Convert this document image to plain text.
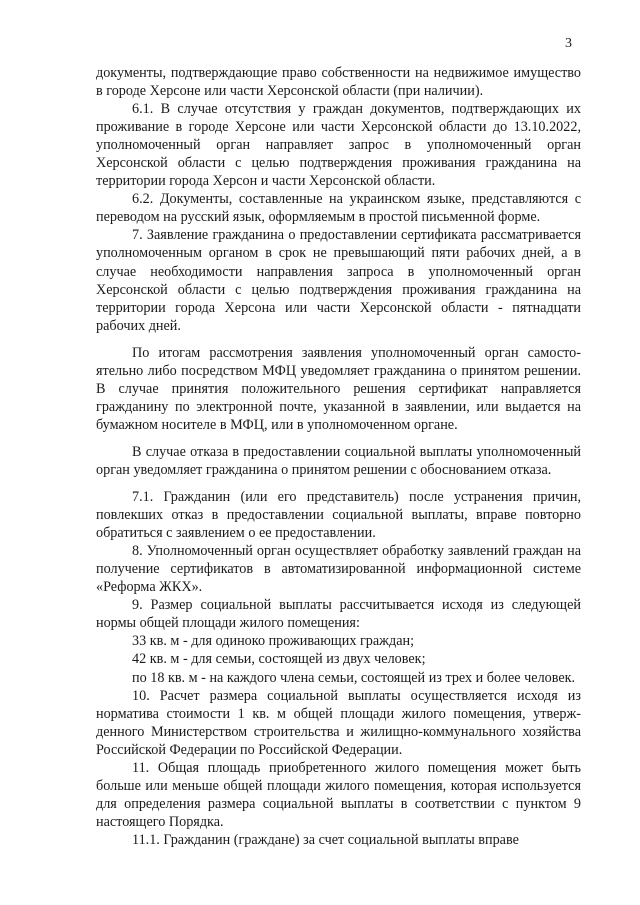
3

документы, подтверждающие право собственности на недвижимое имущество в городе Херсоне или части Херсонской области (при наличии).

6.1. В случае отсутствия у граждан документов, подтверждающих их проживание в городе Херсоне или части Херсонской области до 13.10.2022, уполномоченный орган направляет запрос в уполномоченный орган Херсонской области с целью подтверждения проживания гражданина на территории города Херсон и части Херсонской области.

6.2. Документы, составленные на украинском языке, представляются с переводом на русский язык, оформляемым в простой письменной форме.

7. Заявление гражданина о предоставлении сертификата рассматривается уполномоченным органом в срок не превышающий пяти рабочих дней, а в случае необходимости направления запроса в уполномоченный орган Херсонской области с целью подтверждения проживания гражданина на территории города Херсона или части Херсонской области - пятнадцати рабочих дней.

По итогам рассмотрения заявления уполномоченный орган самостоятельно либо посредством МФЦ уведомляет гражданина о принятом решении. В случае принятия положительного решения сертификат направляется гражданину по электронной почте, указанной в заявлении, или выдается на бумажном носителе в МФЦ, или в уполномоченном органе.

В случае отказа в предоставлении социальной выплаты уполномоченный орган уведомляет гражданина о принятом решении с обоснованием отказа.

7.1. Гражданин (или его представитель) после устранения причин, повлекших отказ в предоставлении социальной выплаты, вправе повторно обратиться с заявлением о ее предоставлении.

8. Уполномоченный орган осуществляет обработку заявлений граждан на получение сертификатов в автоматизированной информационной системе «Реформа ЖКХ».

9. Размер социальной выплаты рассчитывается исходя из следующей нормы общей площади жилого помещения:

33 кв. м - для одиноко проживающих граждан;

42 кв. м - для семьи, состоящей из двух человек;

по 18 кв. м - на каждого члена семьи, состоящей из трех и более человек.

10. Расчет размера социальной выплаты осуществляется исходя из норматива стоимости 1 кв. м общей площади жилого помещения, утвержденного Министерством строительства и жилищно-коммунального хозяйства Российской Федерации по Российской Федерации.

11. Общая площадь приобретенного жилого помещения может быть больше или меньше общей площади жилого помещения, которая используется для определения размера социальной выплаты в соответствии с пунктом 9 настоящего Порядка.

11.1. Гражданин (граждане) за счет социальной выплаты вправе
